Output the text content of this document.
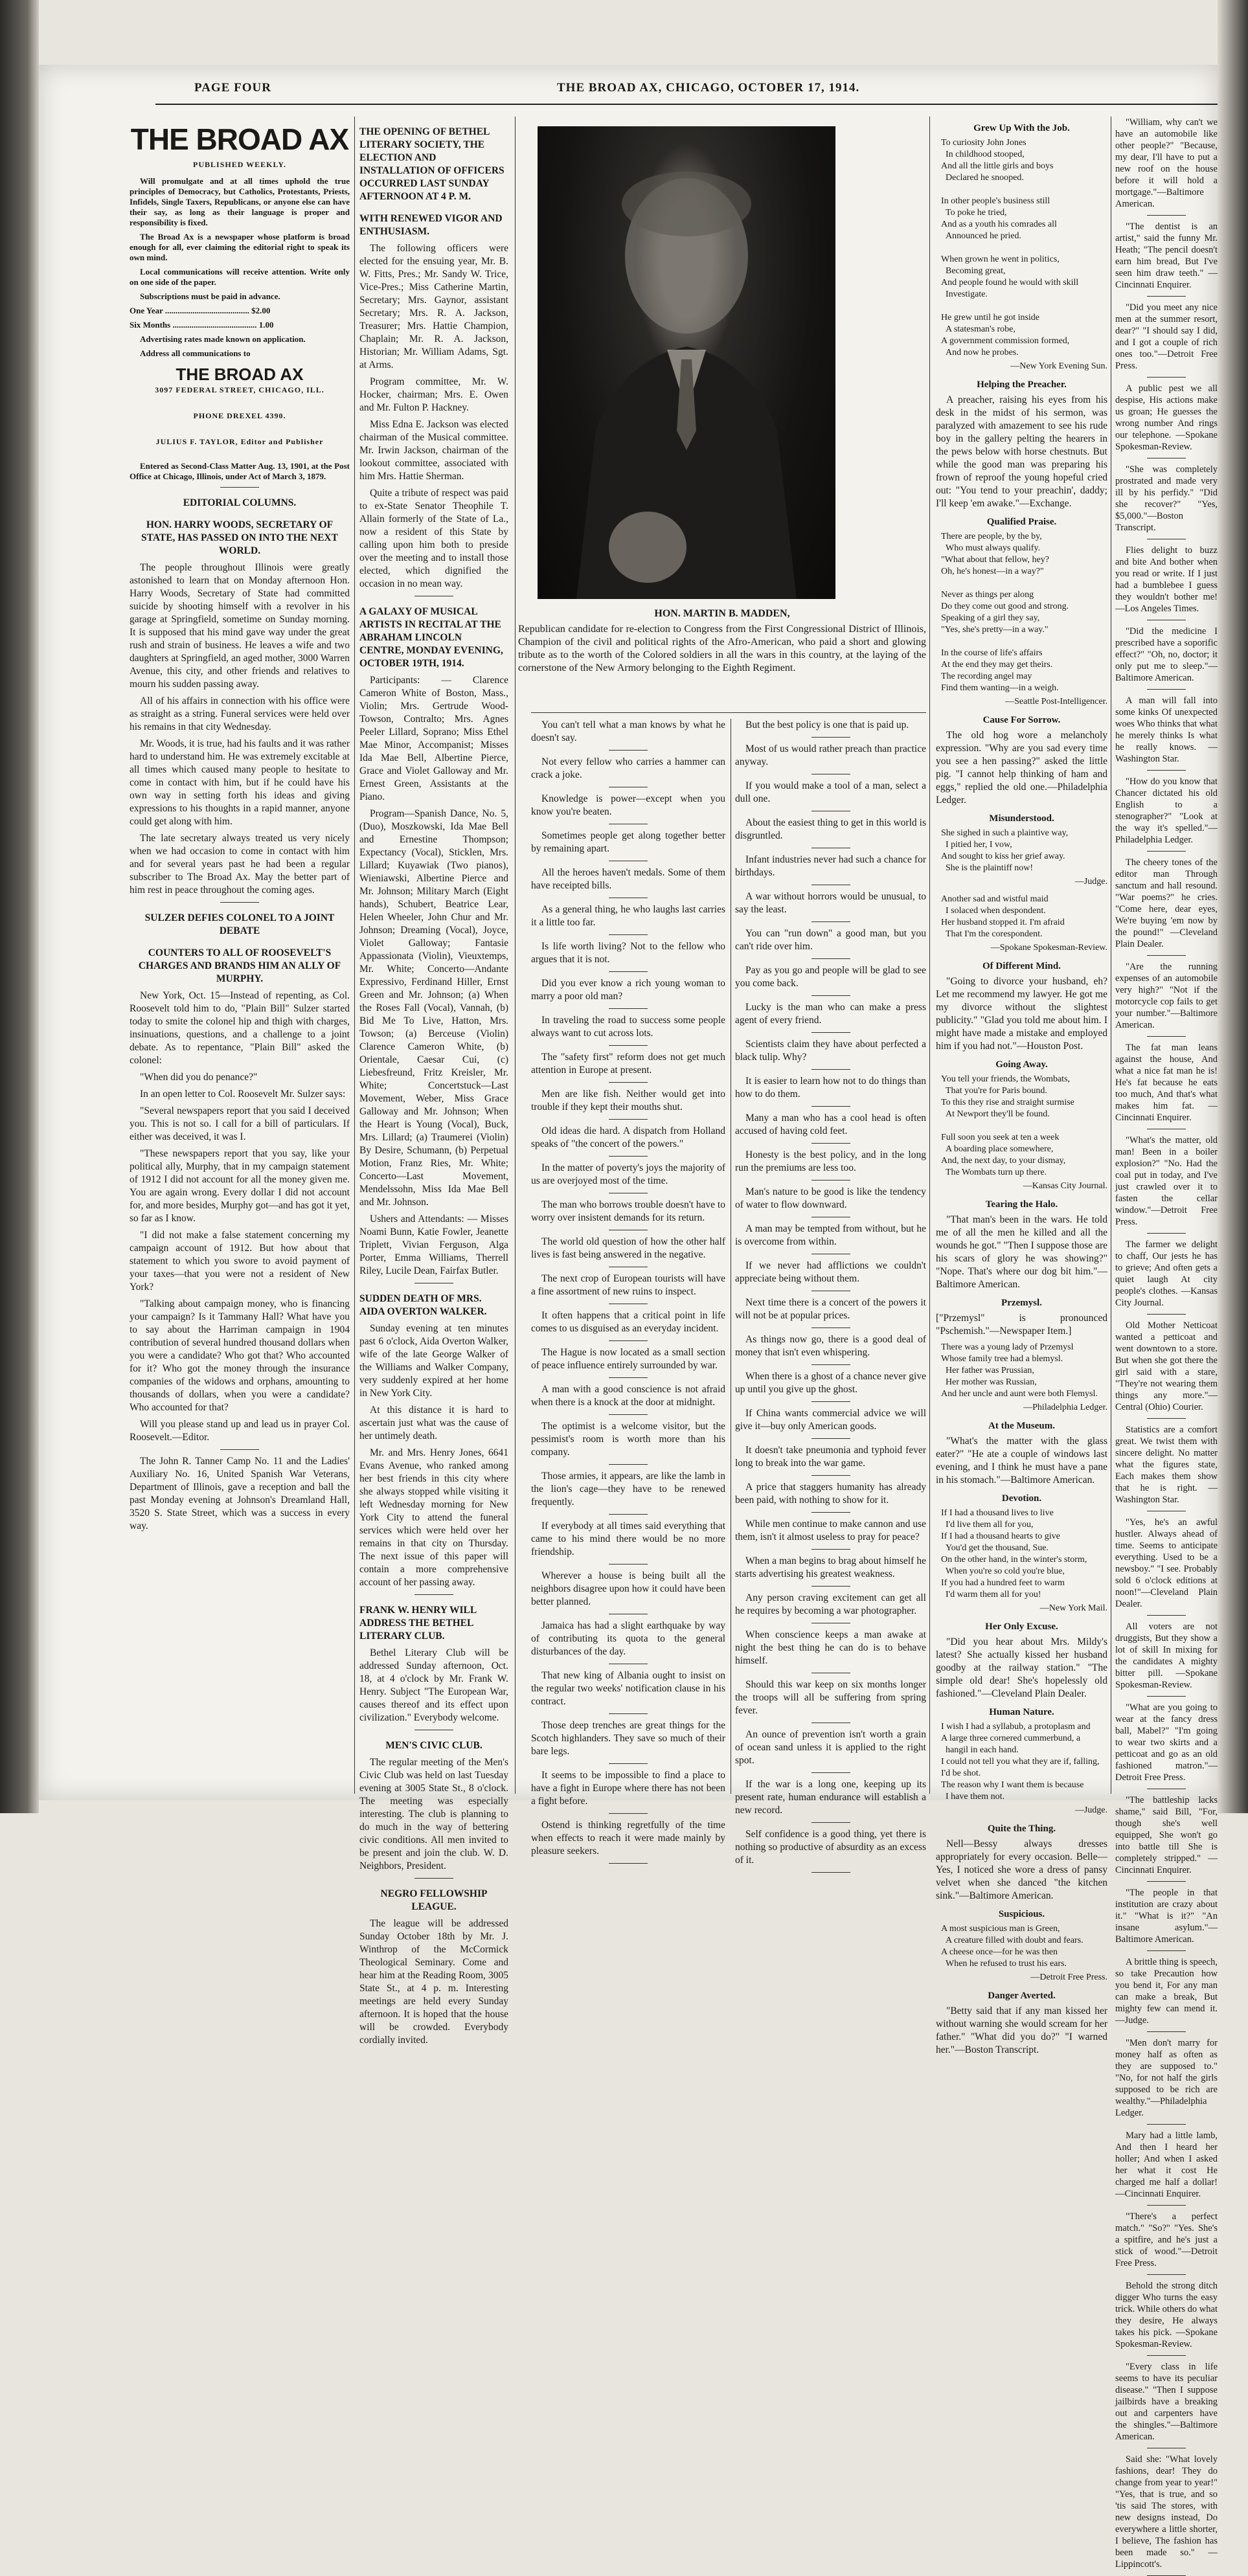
PAGE FOUR	THE BROAD AX, CHICAGO, OCTOBER 17, 1914.
THE BROAD AX
PUBLISHED WEEKLY.

Will promulgate and at all times uphold the true principles of Democracy, but Catholics, Protestants, Priests, Infidels, Single Taxers, Republicans, or anyone else can have their say, as long as their language is proper and responsibility is fixed.

The Broad Ax is a newspaper whose platform is broad enough for all, ever claiming the editorial right to speak its own mind.

Local communications will receive attention. Write only on one side of the paper.

Subscriptions must be paid in advance.

One Year ........................................ $2.00

Six Months ........................................ 1.00

Advertising rates made known on application.

Address all communications to

THE BROAD AX
3097 FEDERAL STREET, CHICAGO, ILL.
PHONE DREXEL 4390.
JULIUS F. TAYLOR, Editor and Publisher

Entered as Second-Class Matter Aug. 13, 1901, at the Post Office at Chicago, Illinois, under Act of March 3, 1879.

EDITORIAL COLUMNS.
HON. HARRY WOODS, SECRETARY OF STATE, HAS PASSED ON INTO THE NEXT WORLD.

The people throughout Illinois were greatly astonished to learn that on Monday afternoon Hon. Harry Woods, Secretary of State had committed suicide by shooting himself with a revolver in his garage at Springfield, sometime on Sunday morning. It is supposed that his mind gave way under the great rush and strain of business. He leaves a wife and two daughters at Springfield, an aged mother, 3000 Warren Avenue, this city, and other friends and relatives to mourn his sudden passing away.

All of his affairs in connection with his office were as straight as a string. Funeral services were held over his remains in that city Wednesday.

Mr. Woods, it is true, had his faults and it was rather hard to understand him. He was extremely excitable at all times which caused many people to hesitate to come in contact with him, but if he could have his own way in setting forth his ideas and giving expressions to his thoughts in a rapid manner, anyone could get along with him.

The late secretary always treated us very nicely when we had occasion to come in contact with him and for several years past he had been a regular subscriber to The Broad Ax. May the better part of him rest in peace throughout the coming ages.

SULZER DEFIES COLONEL TO A JOINT DEBATE
COUNTERS TO ALL OF ROOSEVELT'S CHARGES AND BRANDS HIM AN ALLY OF MURPHY.

New York, Oct. 15—Instead of repenting, as Col. Roosevelt told him to do, "Plain Bill" Sulzer started today to smite the colonel hip and thigh with charges, insinuations, questions, and a challenge to a joint debate. As to repentance, "Plain Bill" asked the colonel:

"When did you do penance?"

In an open letter to Col. Roosevelt Mr. Sulzer says:

"Several newspapers report that you said I deceived you. This is not so. I call for a bill of particulars. If either was deceived, it was I.

"These newspapers report that you say, like your political ally, Murphy, that in my campaign statement of 1912 I did not account for all the money given me. You are again wrong. Every dollar I did not account for, and more besides, Murphy got—and has got it yet, so far as I know.

"I did not make a false statement concerning my campaign account of 1912. But how about that statement to which you swore to avoid payment of your taxes—that you were not a resident of New York?

"Talking about campaign money, who is financing your campaign? Is it Tammany Hall? What have you to say about the Harriman campaign in 1904 contribution of several hundred thousand dollars when you were a candidate? Who got that? Who accounted for it? Who got the money through the insurance companies of the widows and orphans, amounting to thousands of dollars, when you were a candidate? Who accounted for that?

Will you please stand up and lead us in prayer Col. Roosevelt.—Editor.

The John R. Tanner Camp No. 11 and the Ladies' Auxiliary No. 16, United Spanish War Veterans, Department of Illinois, gave a reception and ball the past Monday evening at Johnson's Dreamland Hall, 3520 S. State Street, which was a success in every way.

THE OPENING OF BETHEL LITERARY SOCIETY, THE ELECTION AND INSTALLATION OF OFFICERS OCCURRED LAST SUNDAY AFTERNOON AT 4 P. M.
WITH RENEWED VIGOR AND ENTHUSIASM.

The following officers were elected for the ensuing year, Mr. B. W. Fitts, Pres.; Mr. Sandy W. Trice, Vice-Pres.; Miss Catherine Martin, Secretary; Mrs. Gaynor, assistant Secretary; Mrs. R. A. Jackson, Treasurer; Mrs. Hattie Champion, Chaplain; Mr. R. A. Jackson, Historian; Mr. William Adams, Sgt. at Arms.

Program committee, Mr. W. Hocker, chairman; Mrs. E. Owen and Mr. Fulton P. Hackney.

Miss Edna E. Jackson was elected chairman of the Musical committee. Mr. Irwin Jackson, chairman of the lookout committee, associated with him Mrs. Hattie Sherman.

Quite a tribute of respect was paid to ex-State Senator Theophile T. Allain formerly of the State of La., now a resident of this State by calling upon him both to preside over the meeting and to install those elected, which dignified the occasion in no mean way.

A GALAXY OF MUSICAL ARTISTS IN RECITAL AT THE ABRAHAM LINCOLN CENTRE, MONDAY EVENING, OCTOBER 19TH, 1914.

Participants: — Clarence Cameron White of Boston, Mass., Violin; Mrs. Gertrude Wood-Towson, Contralto; Mrs. Agnes Peeler Lillard, Soprano; Miss Ethel Mae Minor, Accompanist; Misses Ida Mae Bell, Albertine Pierce, Grace and Violet Galloway and Mr. Ernest Green, Assistants at the Piano.

Program—Spanish Dance, No. 5, (Duo), Moszkowski, Ida Mae Bell and Ernestine Thompson; Expectancy (Vocal), Sticklen, Mrs. Lillard; Kuyawiak (Two pianos), Wieniawski, Albertine Pierce and Mr. Johnson; Military March (Eight hands), Schubert, Beatrice Lear, Helen Wheeler, John Chur and Mr. Johnson; Dreaming (Vocal), Joyce, Violet Galloway; Fantasie Appassionata (Violin), Vieuxtemps, Mr. White; Concerto—Andante Expressivo, Ferdinand Hiller, Ernst Green and Mr. Johnson; (a) When the Roses Fall (Vocal), Vannah, (b) Bid Me To Live, Hatton, Mrs. Towson; (a) Berceuse (Violin) Clarence Cameron White, (b) Orientale, Caesar Cui, (c) Liebesfreund, Fritz Kreisler, Mr. White; Concertstuck—Last Movement, Weber, Miss Grace Galloway and Mr. Johnson; When the Heart is Young (Vocal), Buck, Mrs. Lillard; (a) Traumerei (Violin) By Desire, Schumann, (b) Perpetual Motion, Franz Ries, Mr. White; Concerto—Last Movement, Mendelssohn, Miss Ida Mae Bell and Mr. Johnson.

Ushers and Attendants: — Misses Noami Bunn, Katie Fowler, Jeanette Triplett, Vivian Ferguson, Alga Porter, Emma Williams, Therrell Riley, Lucile Dean, Fairfax Butler.

SUDDEN DEATH OF MRS. AIDA OVERTON WALKER.

Sunday evening at ten minutes past 6 o'clock, Aida Overton Walker, wife of the late George Walker of the Williams and Walker Company, very suddenly expired at her home in New York City.

At this distance it is hard to ascertain just what was the cause of her untimely death.

Mr. and Mrs. Henry Jones, 6641 Evans Avenue, who ranked among her best friends in this city where she always stopped while visiting it left Wednesday morning for New York City to attend the funeral services which were held over her remains in that city on Thursday. The next issue of this paper will contain a more comprehensive account of her passing away.

FRANK W. HENRY WILL ADDRESS THE BETHEL LITERARY CLUB.

Bethel Literary Club will be addressed Sunday afternoon, Oct. 18, at 4 o'clock by Mr. Frank W. Henry. Subject "The European War, causes thereof and its effect upon civilization." Everybody welcome.

MEN'S CIVIC CLUB.

The regular meeting of the Men's Civic Club was held on last Tuesday evening at 3005 State St., 8 o'clock. The meeting was especially interesting. The club is planning to do much in the way of bettering civic conditions. All men invited to be present and join the club. W. D. Neighbors, President.

NEGRO FELLOWSHIP LEAGUE.

The league will be addressed Sunday October 18th by Mr. J. Winthrop of the McCormick Theological Seminary. Come and hear him at the Reading Room, 3005 State St., at 4 p. m. Interesting meetings are held every Sunday afternoon. It is hoped that the house will be crowded. Everybody cordially invited.

HON. MARTIN B. MADDEN,
Republican candidate for re-election to Congress from the First Congressional District of Illinois, Champion of the civil and political rights of the Afro-American, who paid a short and glowing tribute as to the worth of the Colored soldiers in all the wars in this country, at the laying of the cornerstone of the New Armory belonging to the Eighth Regiment.

You can't tell what a man knows by what he doesn't say.

Not every fellow who carries a hammer can crack a joke.

Knowledge is power—except when you know you're beaten.

Sometimes people get along together better by remaining apart.

All the heroes haven't medals. Some of them have receipted bills.

As a general thing, he who laughs last carries it a little too far.

Is life worth living? Not to the fellow who argues that it is not.

Did you ever know a rich young woman to marry a poor old man?

In traveling the road to success some people always want to cut across lots.

The "safety first" reform does not get much attention in Europe at present.

Men are like fish. Neither would get into trouble if they kept their mouths shut.

Old ideas die hard. A dispatch from Holland speaks of "the concert of the powers."

In the matter of poverty's joys the majority of us are overjoyed most of the time.

The man who borrows trouble doesn't have to worry over insistent demands for its return.

The world old question of how the other half lives is fast being answered in the negative.

The next crop of European tourists will have a fine assortment of new ruins to inspect.

It often happens that a critical point in life comes to us disguised as an everyday incident.

The Hague is now located as a small section of peace influence entirely surrounded by war.

A man with a good conscience is not afraid when there is a knock at the door at midnight.

The optimist is a welcome visitor, but the pessimist's room is worth more than his company.

Those armies, it appears, are like the lamb in the lion's cage—they have to be renewed frequently.

If everybody at all times said everything that came to his mind there would be no more friendship.

Wherever a house is being built all the neighbors disagree upon how it could have been better planned.

Jamaica has had a slight earthquake by way of contributing its quota to the general disturbances of the day.

That new king of Albania ought to insist on the regular two weeks' notification clause in his contract.

Those deep trenches are great things for the Scotch highlanders. They save so much of their bare legs.

It seems to be impossible to find a place to have a fight in Europe where there has not been a fight before.

Ostend is thinking regretfully of the time when effects to reach it were made mainly by pleasure seekers.

But the best policy is one that is paid up.

Most of us would rather preach than practice anyway.

If you would make a tool of a man, select a dull one.

About the easiest thing to get in this world is disgruntled.

Infant industries never had such a chance for birthdays.

A war without horrors would be unusual, to say the least.

You can "run down" a good man, but you can't ride over him.

Pay as you go and people will be glad to see you come back.

Lucky is the man who can make a press agent of every friend.

Scientists claim they have about perfected a black tulip. Why?

It is easier to learn how not to do things than how to do them.

Many a man who has a cool head is often accused of having cold feet.

Honesty is the best policy, and in the long run the premiums are less too.

Man's nature to be good is like the tendency of water to flow downward.

A man may be tempted from without, but he is overcome from within.

If we never had afflictions we couldn't appreciate being without them.

Next time there is a concert of the powers it will not be at popular prices.

As things now go, there is a good deal of money that isn't even whispering.

When there is a ghost of a chance never give up until you give up the ghost.

If China wants commercial advice we will give it—buy only American goods.

It doesn't take pneumonia and typhoid fever long to break into the war game.

A price that staggers humanity has already been paid, with nothing to show for it.

While men continue to make cannon and use them, isn't it almost useless to pray for peace?

When a man begins to brag about himself he starts advertising his greatest weakness.

Any person craving excitement can get all he requires by becoming a war photographer.

When conscience keeps a man awake at night the best thing he can do is to behave himself.

Should this war keep on six months longer the troops will all be suffering from spring fever.

An ounce of prevention isn't worth a grain of ocean sand unless it is applied to the right spot.

If the war is a long one, keeping up its present rate, human endurance will establish a new record.

Self confidence is a good thing, yet there is nothing so productive of absurdity as an excess of it.

Grew Up With the Job.
To curiosity John Jones
In childhood stooped,
And all the little girls and boys
Declared he snooped.

In other people's business still
To poke he tried,
And as a youth his comrades all
Announced he pried.

When grown he went in politics,
Becoming great,
And people found he would with skill
Investigate.

He grew until he got inside
A statesman's robe,
A government commission formed,
And now he probes.
—New York Evening Sun.
Helping the Preacher.

A preacher, raising his eyes from his desk in the midst of his sermon, was paralyzed with amazement to see his rude boy in the gallery pelting the hearers in the pews below with horse chestnuts. But while the good man was preparing his frown of reproof the young hopeful cried out: "You tend to your preachin', daddy; I'll keep 'em awake."—Exchange.

Qualified Praise.
There are people, by the by,
Who must always qualify.
"What about that fellow, hey?
Oh, he's honest—in a way?"

Never as things per along
Do they come out good and strong.
Speaking of a girl they say,
"Yes, she's pretty—in a way."

In the course of life's affairs
At the end they may get theirs.
The recording angel may
Find them wanting—in a weigh.
—Seattle Post-Intelligencer.
Cause For Sorrow.

The old hog wore a melancholy expression. "Why are you sad every time you see a hen passing?" asked the little pig. "I cannot help thinking of ham and eggs," replied the old one.—Philadelphia Ledger.

Misunderstood.
She sighed in such a plaintive way,
I pitied her, I vow,
And sought to kiss her grief away.
She is the plaintiff now!
—Judge.
Another sad and wistful maid
I solaced when despondent.
Her husband stopped it. I'm afraid
That I'm the corespondent.
—Spokane Spokesman-Review.
Of Different Mind.

"Going to divorce your husband, eh? Let me recommend my lawyer. He got me my divorce without the slightest publicity." "Glad you told me about him. I might have made a mistake and employed him if you had not."—Houston Post.

Going Away.
You tell your friends, the Wombats,
That you're for Paris bound.
To this they rise and straight surmise
At Newport they'll be found.

Full soon you seek at ten a week
A boarding place somewhere,
And, the next day, to your dismay,
The Wombats turn up there.
—Kansas City Journal.
Tearing the Halo.

"That man's been in the wars. He told me of all the men he killed and all the wounds he got." "Then I suppose those are his scars of glory he was showing?" "Nope. That's where our dog bit him."—Baltimore American.

Przemysl.

["Przemysl" is pronounced "Pschemish."—Newspaper Item.]

There was a young lady of Przemysl
Whose family tree had a blemysl.
Her father was Prussian,
Her mother was Russian,
And her uncle and aunt were both Flemysl.
—Philadelphia Ledger.
At the Museum.

"What's the matter with the glass eater?" "He ate a couple of windows last evening, and I think he must have a pane in his stomach."—Baltimore American.

Devotion.
If I had a thousand lives to live
I'd live them all for you,
If I had a thousand hearts to give
You'd get the thousand, Sue.
On the other hand, in the winter's storm,
When you're so cold you're blue,
If you had a hundred feet to warm
I'd warm them all for you!
—New York Mail.
Her Only Excuse.

"Did you hear about Mrs. Mildy's latest? She actually kissed her husband goodby at the railway station." "The simple old dear! She's hopelessly old fashioned."—Cleveland Plain Dealer.

Human Nature.
I wish I had a syllabub, a protoplasm and
A large three cornered cummerbund, a
hangil in each hand.
I could not tell you what they are if, falling, I'd be shot.
The reason why I want them is because
I have them not.
—Judge.
Quite the Thing.

Nell—Bessy always dresses appropriately for every occasion. Belle—Yes, I noticed she wore a dress of pansy velvet when she danced "the kitchen sink."—Baltimore American.

Suspicious.
A most suspicious man is Green,
A creature filled with doubt and fears.
A cheese once—for he was then
When he refused to trust his ears.
—Detroit Free Press.
Danger Averted.

"Betty said that if any man kissed her without warning she would scream for her father." "What did you do?" "I warned her."—Boston Transcript.

"William, why can't we have an automobile like other people?" "Because, my dear, I'll have to put a new roof on the house before it will hold a mortgage."—Baltimore American.

"The dentist is an artist," said the funny Mr. Heath; "The pencil doesn't earn him bread, But I've seen him draw teeth." —Cincinnati Enquirer.

"Did you meet any nice men at the summer resort, dear?" "I should say I did, and I got a couple of rich ones too."—Detroit Free Press.

A public pest we all despise, His actions make us groan; He guesses the wrong number And rings our telephone. —Spokane Spokesman-Review.

"She was completely prostrated and made very ill by his perfidy." "Did she recover?" "Yes, $5,000."—Boston Transcript.

Flies delight to buzz and bite And bother when you read or write. If I just had a bumblebee I guess they wouldn't bother me! —Los Angeles Times.

"Did the medicine I prescribed have a soporific effect?" "Oh, no, doctor; it only put me to sleep."—Baltimore American.

A man will fall into some kinks Of unexpected woes Who thinks that what he merely thinks Is what he really knows. —Washington Star.

"How do you know that Chancer dictated his old English to a stenographer?" "Look at the way it's spelled."—Philadelphia Ledger.

The cheery tones of the editor man Through sanctum and hall resound. "War poems?" he cries. "Come here, dear eyes, We're buying 'em now by the pound!" —Cleveland Plain Dealer.

"Are the running expenses of an automobile very high?" "Not if the motorcycle cop fails to get your number."—Baltimore American.

The fat man leans against the house, And what a nice fat man he is! He's fat because he eats too much, And that's what makes him fat. —Cincinnati Enquirer.

"What's the matter, old man! Been in a boiler explosion?" "No. Had the coal put in today, and I've just crawled over it to fasten the cellar window."—Detroit Free Press.

The farmer we delight to chaff, Our jests he has to grieve; And often gets a quiet laugh At city people's clothes. —Kansas City Journal.

Old Mother Netticoat wanted a petticoat and went downtown to a store. But when she got there the girl said with a stare, "They're not wearing them things any more."—Central (Ohio) Courier.

Statistics are a comfort great. We twist them with sincere delight. No matter what the figures state, Each makes them show that he is right. —Washington Star.

"Yes, he's an awful hustler. Always ahead of time. Seems to anticipate everything. Used to be a newsboy." "I see. Probably sold 6 o'clock editions at noon!"—Cleveland Plain Dealer.

All voters are not druggists, But they show a lot of skill In mixing for the candidates A mighty bitter pill. —Spokane Spokesman-Review.

"What are you going to wear at the fancy dress ball, Mabel?" "I'm going to wear two skirts and a petticoat and go as an old fashioned matron."—Detroit Free Press.

"The battleship lacks shame," said Bill, "For, though she's well equipped, She won't go into battle till She is completely stripped." —Cincinnati Enquirer.

"The people in that institution are crazy about it." "What is it?" "An insane asylum."—Baltimore American.

A brittle thing is speech, so take Precaution how you bend it, For any man can make a break, But mighty few can mend it. —Judge.

"Men don't marry for money half as often as they are supposed to." "No, for not half the girls supposed to be rich are wealthy."—Philadelphia Ledger.

Mary had a little lamb, And then I heard her holler; And when I asked her what it cost He charged me half a dollar! —Cincinnati Enquirer.

"There's a perfect match." "So?" "Yes. She's a spitfire, and he's just a stick of wood."—Detroit Free Press.

Behold the strong ditch digger Who turns the easy trick. While others do what they desire, He always takes his pick. —Spokane Spokesman-Review.

"Every class in life seems to have its peculiar disease." "Then I suppose jailbirds have a breaking out and carpenters have the shingles."—Baltimore American.

Said she: "What lovely fashions, dear! They do change from year to year!" "Yes, that is true, and so 'tis said The stores, with new designs instead, Do everywhere a little shorter, I believe, The fashion has been made so." —Lippincott's.
